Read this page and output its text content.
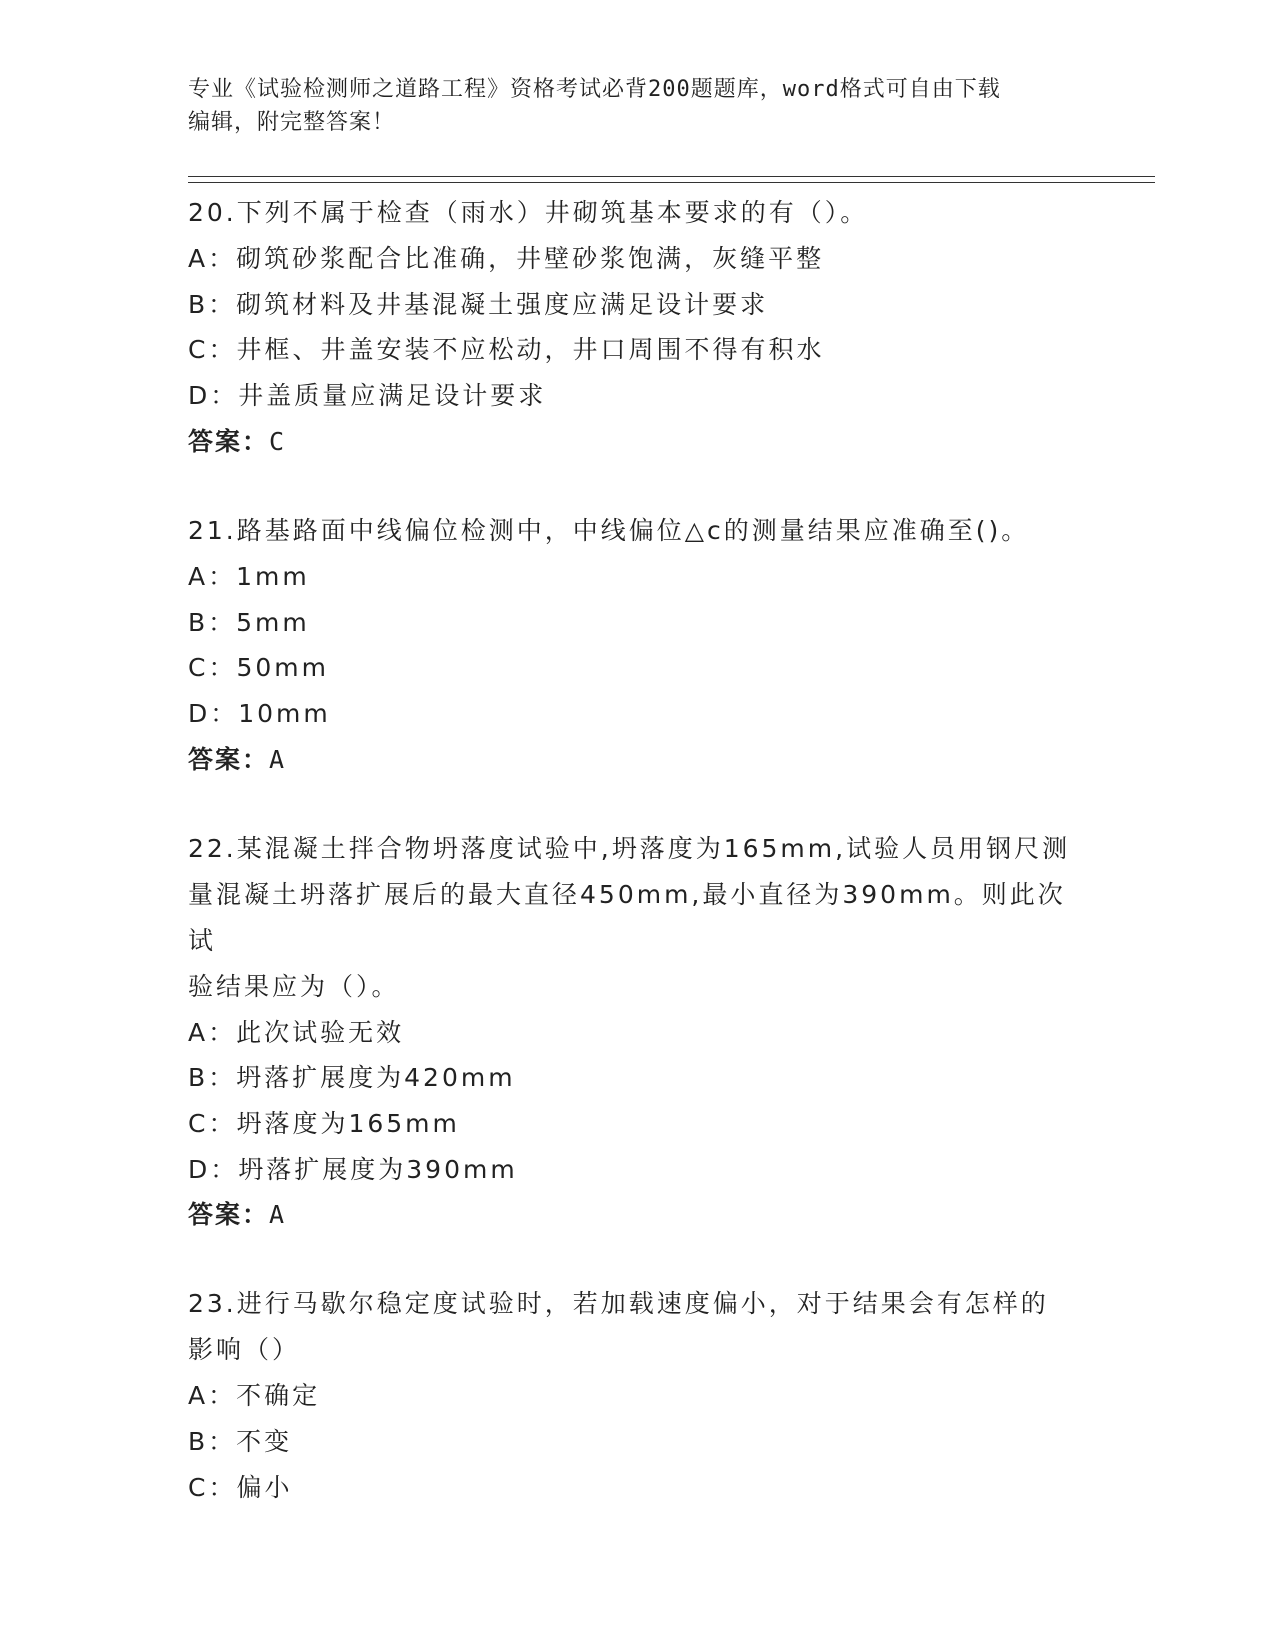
专业《试验检测师之道路工程》资格考试必背200题题库，word格式可自由下载
编辑，附完整答案！

20.下列不属于检查（雨水）井砌筑基本要求的有（）。

A：砌筑砂浆配合比准确，井壁砂浆饱满，灰缝平整

B：砌筑材料及井基混凝土强度应满足设计要求

C：井框、井盖安装不应松动，井口周围不得有积水

D：井盖质量应满足设计要求

答案：C

21.路基路面中线偏位检测中，中线偏位△c的测量结果应准确至()。

A：1mm

B：5mm

C：50mm

D：10mm

答案：A

22.某混凝土拌合物坍落度试验中,坍落度为165mm,试验人员用钢尺测

量混凝土坍落扩展后的最大直径450mm,最小直径为390mm。则此次试

验结果应为（）。

A：此次试验无效

B：坍落扩展度为420mm

C：坍落度为165mm

D：坍落扩展度为390mm

答案：A

23.进行马歇尔稳定度试验时，若加载速度偏小，对于结果会有怎样的

影响（）

A：不确定

B：不变

C：偏小
